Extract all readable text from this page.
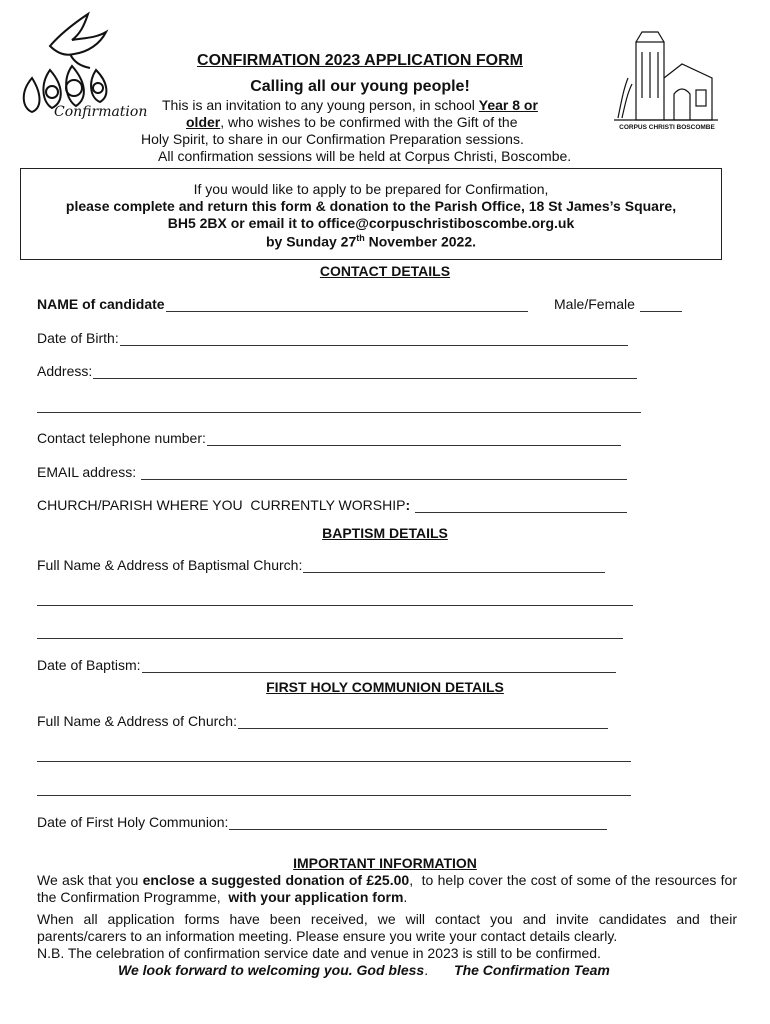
Confirmation
CORPUS CHRISTI BOSCOMBE
CONFIRMATION 2023 APPLICATION FORM
Calling all our young people!
This is an invitation to any young person, in school Year 8 or
older, who wishes to be confirmed with the Gift of the
Holy Spirit, to share in our Confirmation Preparation sessions.
All confirmation sessions will be held at Corpus Christi, Boscombe.
If you would like to apply to be prepared for Confirmation,
please complete and return this form & donation to the Parish Office, 18 St James’s Square,
BH5 2BX or email it to office@corpuschristiboscombe.org.uk
by Sunday 27th November 2022.
CONTACT DETAILS
NAME of candidate	Male/Female
Date of Birth:
Address:
Contact telephone number:
EMAIL address:
CHURCH/PARISH WHERE YOU  CURRENTLY WORSHIP :
BAPTISM DETAILS
Full Name & Address of Baptismal Church:
Date of Baptism:
FIRST HOLY COMMUNION DETAILS
Full Name & Address of Church:
Date of First Holy Communion:
IMPORTANT INFORMATION
We ask that you enclose a suggested donation of £25.00,  to help cover the cost of some of the resources for the Confirmation Programme,  with your application form.
When all application forms have been received, we will contact you and invite candidates and their parents/carers to an information meeting. Please ensure you write your contact details clearly.
N.B. The celebration of confirmation service date and venue in 2023 is still to be confirmed.
We look forward to welcoming you. God bless. The Confirmation Team
